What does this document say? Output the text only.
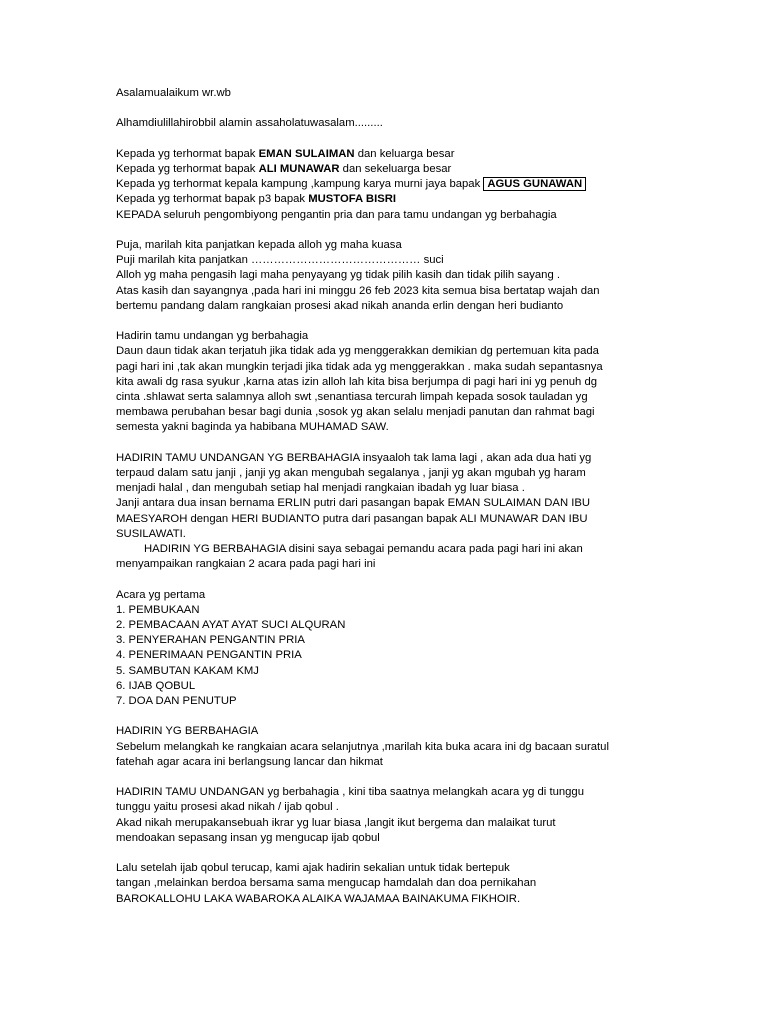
Asalamualaikum wr.wb

Alhamdiulillahirobbil alamin assaholatuwasalam.........

Kepada yg terhormat bapak EMAN SULAIMAN dan keluarga besar

Kepada yg terhormat bapak ALI MUNAWAR dan sekeluarga besar

Kepada yg terhormat kepala kampung ,kampung karya murni jaya bapak AGUS GUNAWAN

Kepada yg terhormat bapak p3 bapak MUSTOFA BISRI

KEPADA seluruh pengombiyong pengantin pria dan para tamu undangan yg berbahagia

Puja, marilah kita panjatkan kepada alloh yg maha kuasa

Puji marilah kita panjatkan ……………………………………… suci

Alloh yg maha pengasih lagi maha penyayang yg tidak pilih kasih dan tidak pilih sayang .

Atas kasih dan sayangnya ,pada hari ini minggu 26 feb 2023 kita semua bisa bertatap wajah dan

bertemu pandang dalam rangkaian prosesi akad nikah ananda erlin dengan heri budianto

Hadirin tamu undangan yg berbahagia

Daun daun tidak akan terjatuh jika tidak ada yg menggerakkan demikian dg pertemuan kita pada

pagi hari ini ,tak akan mungkin terjadi jika tidak ada yg menggerakkan . maka sudah sepantasnya

kita awali dg rasa syukur ,karna atas izin alloh lah kita bisa berjumpa di pagi hari ini yg penuh dg

cinta .shlawat serta salamnya alloh swt ,senantiasa tercurah limpah kepada sosok tauladan yg

membawa perubahan besar bagi dunia ,sosok yg akan selalu menjadi panutan dan rahmat bagi

semesta yakni baginda ya habibana MUHAMAD SAW.

HADIRIN TAMU UNDANGAN YG BERBAHAGIA insyaaloh tak lama lagi , akan ada dua hati yg

terpaud dalam satu janji , janji yg akan mengubah segalanya , janji yg akan mgubah yg haram

menjadi halal , dan mengubah setiap hal menjadi rangkaian ibadah yg luar biasa .

Janji antara dua insan bernama ERLIN putri dari pasangan bapak EMAN SULAIMAN DAN IBU

MAESYAROH dengan HERI BUDIANTO putra dari pasangan bapak ALI MUNAWAR DAN IBU

SUSILAWATI.

HADIRIN YG BERBAHAGIA disini saya sebagai pemandu acara pada pagi hari ini akan

menyampaikan rangkaian 2 acara pada pagi hari ini

Acara yg pertama

1. PEMBUKAAN

2. PEMBACAAN AYAT AYAT SUCI ALQURAN

3. PENYERAHAN PENGANTIN PRIA

4. PENERIMAAN PENGANTIN PRIA

5. SAMBUTAN KAKAM KMJ

6. IJAB QOBUL

7. DOA DAN PENUTUP

HADIRIN YG BERBAHAGIA

Sebelum melangkah ke rangkaian acara selanjutnya ,marilah kita buka acara ini dg bacaan suratul

fatehah agar acara ini berlangsung lancar dan hikmat

HADIRIN TAMU UNDANGAN yg berbahagia , kini tiba saatnya melangkah acara yg di tunggu

tunggu yaitu prosesi akad nikah / ijab qobul .

Akad nikah merupakansebuah ikrar yg luar biasa ,langit ikut bergema dan malaikat turut

mendoakan sepasang insan yg mengucap ijab qobul

Lalu setelah ijab qobul terucap, kami ajak hadirin sekalian untuk tidak bertepuk

tangan ,melainkan berdoa bersama sama mengucap hamdalah dan doa pernikahan

BAROKALLOHU LAKA WABAROKA ALAIKA WAJAMAA BAINAKUMA FIKHOIR.
